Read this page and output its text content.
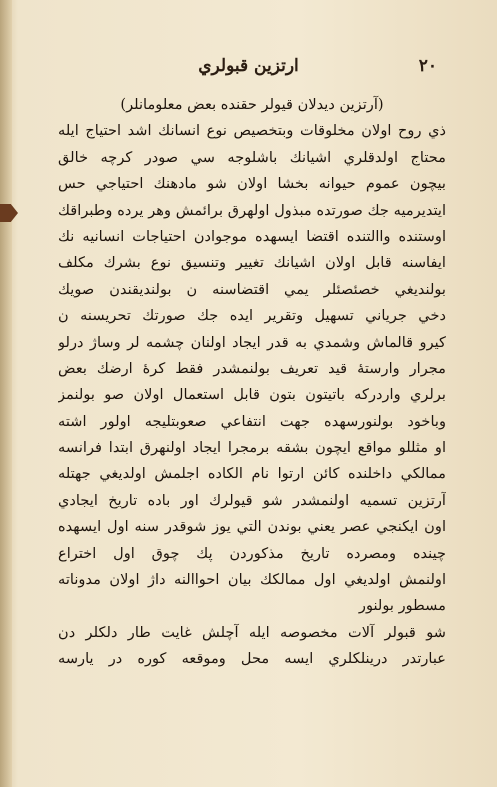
ارتزين قبولري	٢٠
(آرتزين ديدلان قيولر حقنده بعض معلومانلر)
ذي روح اولان مخلوقات وبتخصيص نوع انسانك اشد احتياج ايله
محتاج اولدقلري اشيانك باشلوجه سي صودر كرچه خالق
بيچون عموم حيوانه بخشا اولان شو مادهنك احتياجي حس
ايتديرميه جك صورتده مبذول اولهرق برائمش وهر يرده وطبراقك
اوستنده واالتنده اقتضا ايسهده موجوادن احتياجات انسانيه نك
ايفاسنه قابل اولان اشيانك تغيير وتنسيق نوع بشرك مكلف
بولنديغي خصئصئلر يمي اقتضاسنه ن بولنديقندن صويك
دخي جرياني تسهيل وتقرير ايده جك صورتك تحريسنه ن
كيرو قالماش وشمدي به قدر ايجاد اولنان چشمه لر وساژ درلو
مجرار وارستهٔ قيد تعريف بولنمشدر فقط كرهٔ ارضك بعض
برلري واردركه باتيتون بتون قابل استعمال اولان صو بولنمز
وباخود بولنورسهده جهت انتفاعي صعوبتليجه اولور اشته
او مثللو مواقع ايچون بشقه برمجرا ايجاد اولنهرق ابتدا فرانسه
ممالكي داخلنده كائن ارتوا نام الكاده اجلمش اولديغي جهتله
آرتزين تسميه اولنمشدر شو قيولرك اور باده تاريخ ايجادي
اون ايكنجي عصر يعني بوندن التي يوز شوقدر سنه اول ايسهده
چينده ومصرده تاريخ مذكوردن پك چوق اول اختراع
اولنمش اولديغي اول ممالكك بيان احواالنه داژ اولان مدوناته
مسطور بولنور
شو قبولر آلات مخصوصه ايله آچلش غايت طار دلكلر دن
عبارتدر درينلكلري ايسه محل وموقعه كوره در يارسه
